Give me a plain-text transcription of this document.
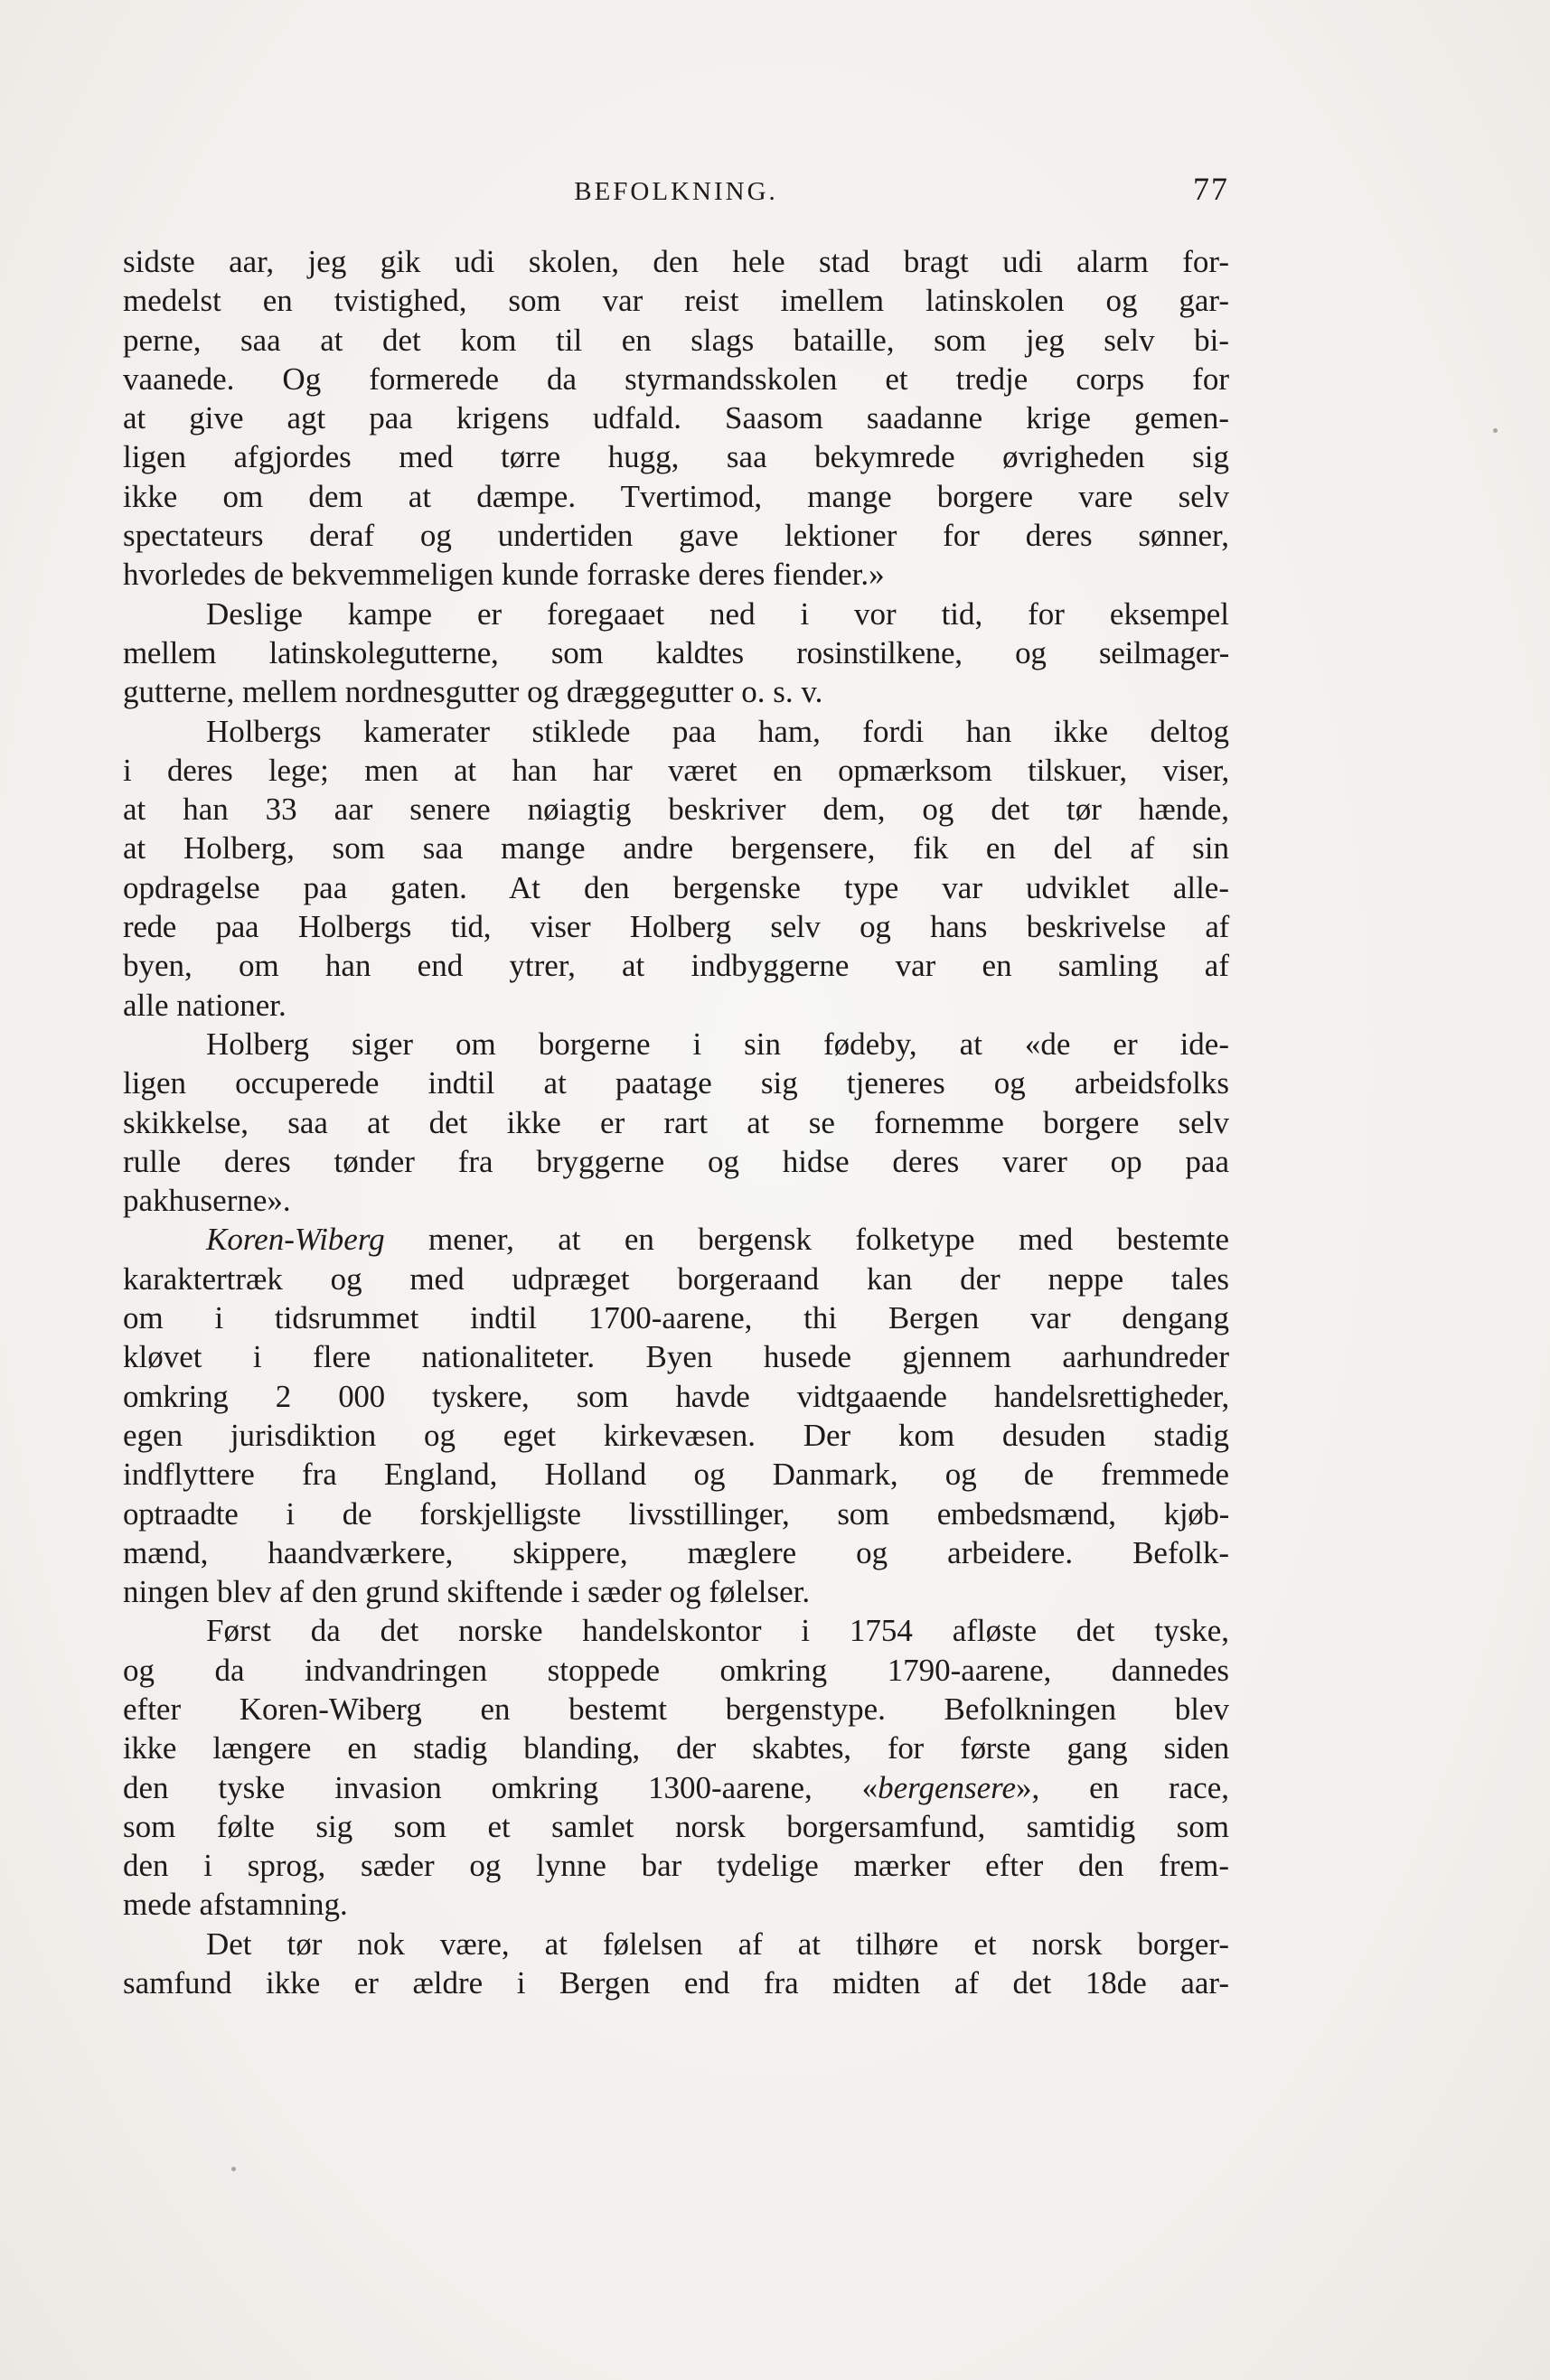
BEFOLKNING.	77
sidste aar, jeg gik udi skolen, den hele stad bragt udi alarm for-
medelst en tvistighed, som var reist imellem latinskolen og gar-
perne, saa at det kom til en slags bataille, som jeg selv bi-
vaanede. Og formerede da styrmandsskolen et tredje corps for
at give agt paa krigens udfald. Saasom saadanne krige gemen-
ligen afgjordes med tørre hugg, saa bekymrede øvrigheden sig
ikke om dem at dæmpe. Tvertimod, mange borgere vare selv
spectateurs deraf og undertiden gave lektioner for deres sønner,
hvorledes de bekvemmeligen kunde forraske deres fiender.»
Deslige kampe er foregaaet ned i vor tid, for eksempel
mellem latinskolegutterne, som kaldtes rosinstilkene, og seilmager-
gutterne, mellem nordnesgutter og dræggegutter o. s. v.
Holbergs kamerater stiklede paa ham, fordi han ikke deltog
i deres lege; men at han har været en opmærksom tilskuer, viser,
at han 33 aar senere nøiagtig beskriver dem, og det tør hænde,
at Holberg, som saa mange andre bergensere, fik en del af sin
opdragelse paa gaten. At den bergenske type var udviklet alle-
rede paa Holbergs tid, viser Holberg selv og hans beskrivelse af
byen, om han end ytrer, at indbyggerne var en samling af
alle nationer.
Holberg siger om borgerne i sin fødeby, at «de er ide-
ligen occuperede indtil at paatage sig tjeneres og arbeidsfolks
skikkelse, saa at det ikke er rart at se fornemme borgere selv
rulle deres tønder fra bryggerne og hidse deres varer op paa
pakhuserne».
Koren-Wiberg mener, at en bergensk folketype med bestemte
karaktertræk og med udpræget borgeraand kan der neppe tales
om i tidsrummet indtil 1700-aarene, thi Bergen var dengang
kløvet i flere nationaliteter. Byen husede gjennem aarhundreder
omkring 2 000 tyskere, som havde vidtgaaende handelsrettigheder,
egen jurisdiktion og eget kirkevæsen. Der kom desuden stadig
indflyttere fra England, Holland og Danmark, og de fremmede
optraadte i de forskjelligste livsstillinger, som embedsmænd, kjøb-
mænd, haandværkere, skippere, mæglere og arbeidere. Befolk-
ningen blev af den grund skiftende i sæder og følelser.
Først da det norske handelskontor i 1754 afløste det tyske,
og da indvandringen stoppede omkring 1790-aarene, dannedes
efter Koren-Wiberg en bestemt bergenstype. Befolkningen blev
ikke længere en stadig blanding, der skabtes, for første gang siden
den tyske invasion omkring 1300-aarene, «bergensere», en race,
som følte sig som et samlet norsk borgersamfund, samtidig som
den i sprog, sæder og lynne bar tydelige mærker efter den frem-
mede afstamning.
Det tør nok være, at følelsen af at tilhøre et norsk borger-
samfund ikke er ældre i Bergen end fra midten af det 18de aar-
